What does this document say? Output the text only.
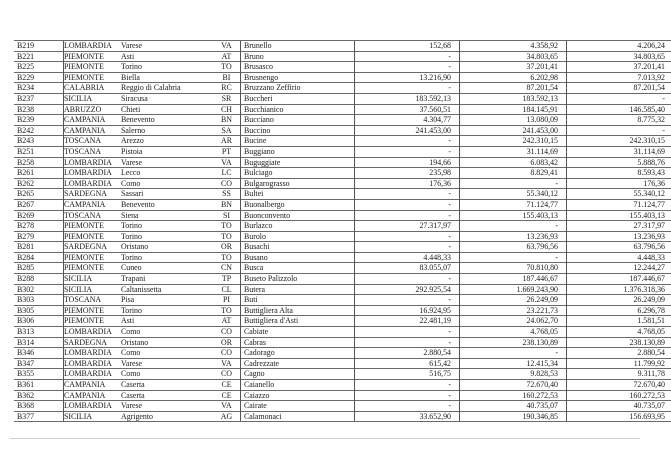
B219	LOMBARDIA	Varese	VA	Brunello	152,68	4.358,92	4.206,24
B221	PIEMONTE	Asti	AT	Bruno	-	34.803,65	34.803,65
B225	PIEMONTE	Torino	TO	Brusasco	-	37.201,41	37.201,41
B229	PIEMONTE	Biella	BI	Brusnengo	13.216,90	6.202,98	7.013,92
B234	CALABRIA	Reggio di Calabria	RC	Bruzzano Zeffirio	-	87.201,54	87.201,54
B237	SICILIA	Siracusa	SR	Buccheri	183.592,13	183.592,13	-
B238	ABRUZZO	Chieti	CH	Bucchianico	37.560,51	184.145,91	146.585,40
B239	CAMPANIA	Benevento	BN	Bucciano	4.304,77	13.080,09	8.775,32
B242	CAMPANIA	Salerno	SA	Buccino	241.453,00	241.453,00	-
B243	TOSCANA	Arezzo	AR	Bucine	-	242.310,15	242.310,15
B251	TOSCANA	Pistoia	PT	Buggiano	-	31.114,69	31.114,69
B258	LOMBARDIA	Varese	VA	Buguggiate	194,66	6.083,42	5.888,76
B261	LOMBARDIA	Lecco	LC	Bulciago	235,98	8.829,41	8.593,43
B262	LOMBARDIA	Como	CO	Bulgarograsso	176,36	-	176,36
B265	SARDEGNA	Sassari	SS	Bultei	-	55.340,12	55.340,12
B267	CAMPANIA	Benevento	BN	Buonalbergo	-	71.124,77	71.124,77
B269	TOSCANA	Siena	SI	Buonconvento	-	155.403,13	155.403,13
B278	PIEMONTE	Torino	TO	Burlazco	27.317,97	-	27.317,97
B279	PIEMONTE	Torino	TO	Burolo	-	13.236,93	13.236,93
B281	SARDEGNA	Oristano	OR	Busachi	-	63.796,56	63.796,56
B284	PIEMONTE	Torino	TO	Busano	4.448,33	-	4.448,33
B285	PIEMONTE	Cuneo	CN	Busca	83.055,07	70.810,80	12.244,27
B288	SICILIA	Trapani	TP	Buseto Palizzolo	-	187.446,67	187.446,67
B302	SICILIA	Caltanissetta	CL	Butera	292.925,54	1.669.243,90	1.376.318,36
B303	TOSCANA	Pisa	PI	Buti	-	26.249,09	26.249,09
B305	PIEMONTE	Torino	TO	Buttigliera Alta	16.924,95	23.221,73	6.296,78
B306	PIEMONTE	Asti	AT	Buttigliera d'Asti	22.481,19	24.062,70	1.581,51
B313	LOMBARDIA	Como	CO	Cabiate	-	4.768,05	4.768,05
B314	SARDEGNA	Oristano	OR	Cabras	-	238.130,89	238.130,89
B346	LOMBARDIA	Como	CO	Cadorago	2.880,54	-	2.880,54
B347	LOMBARDIA	Varese	VA	Cadrezzate	615,42	12.415,34	11.799,92
B355	LOMBARDIA	Como	CO	Cagno	516,75	9.828,53	9.311,78
B361	CAMPANIA	Caserta	CE	Caianello	-	72.670,40	72.670,40
B362	CAMPANIA	Caserta	CE	Caiazzo	-	160.272,53	160.272,53
B368	LOMBARDIA	Varese	VA	Cairate	-	40.735,07	40.735,07
B377	SICILIA	Agrigento	AG	Calamonaci	33.652,90	190.346,85	156.693,95
